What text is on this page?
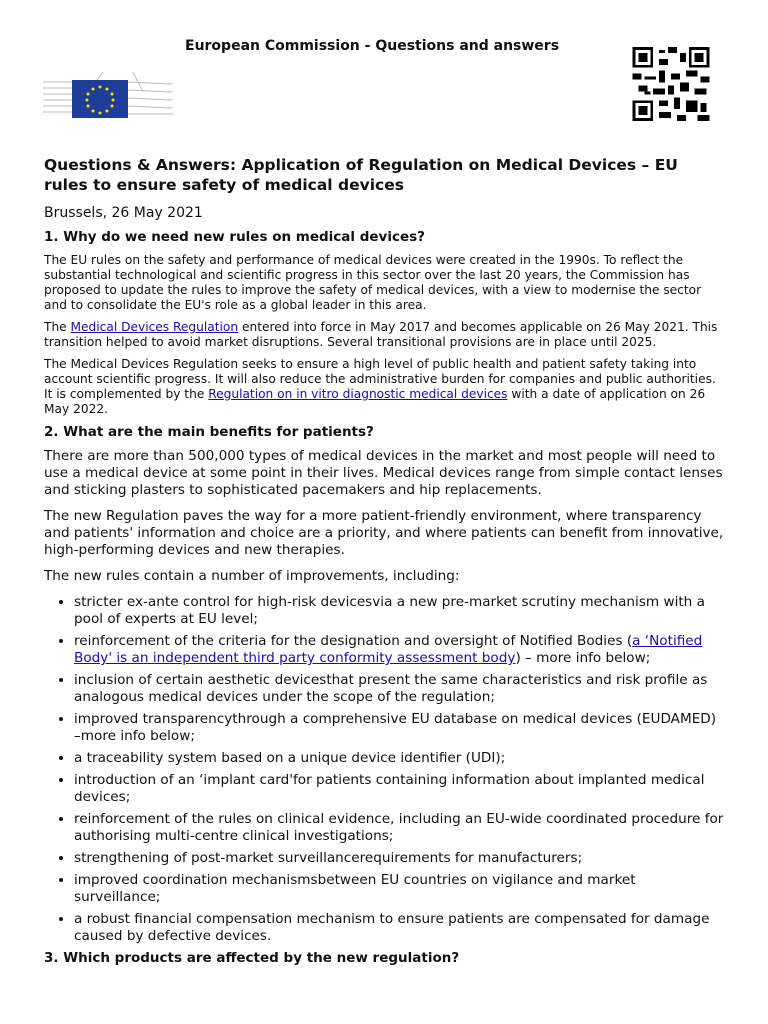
European Commission - Questions and answers
Questions & Answers: Application of Regulation on Medical Devices – EU rules to ensure safety of medical devices
Brussels, 26 May 2021
1. Why do we need new rules on medical devices?

The EU rules on the safety and performance of medical devices were created in the 1990s. To reflect the substantial technological and scientific progress in this sector over the last 20 years, the Commission has proposed to update the rules to improve the safety of medical devices, with a view to modernise the sector and to consolidate the EU's role as a global leader in this area.

The Medical Devices Regulation entered into force in May 2017 and becomes applicable on 26 May 2021. This transition helped to avoid market disruptions. Several transitional provisions are in place until 2025.

The Medical Devices Regulation seeks to ensure a high level of public health and patient safety taking into account scientific progress. It will also reduce the administrative burden for companies and public authorities. It is complemented by the Regulation on in vitro diagnostic medical devices with a date of application on 26 May 2022.

2. What are the main benefits for patients?

There are more than 500,000 types of medical devices in the market and most people will need to use a medical device at some point in their lives. Medical devices range from simple contact lenses and sticking plasters to sophisticated pacemakers and hip replacements.

The new Regulation paves the way for a more patient-friendly environment, where transparency and patients' information and choice are a priority, and where patients can benefit from innovative, high-performing devices and new therapies.

The new rules contain a number of improvements, including:

• stricter ex-ante control for high-risk devicesvia a new pre-market scrutiny mechanism with a pool of experts at EU level;
• reinforcement of the criteria for the designation and oversight of Notified Bodies (a ‘Notified Body' is an independent third party conformity assessment body) – more info below;
• inclusion of certain aesthetic devicesthat present the same characteristics and risk profile as analogous medical devices under the scope of the regulation;
• improved transparencythrough a comprehensive EU database on medical devices (EUDAMED) –more info below;
• a traceability system based on a unique device identifier (UDI);
• introduction of an ‘implant card'for patients containing information about implanted medical devices;
• reinforcement of the rules on clinical evidence, including an EU-wide coordinated procedure for authorising multi-centre clinical investigations;
• strengthening of post-market surveillancerequirements for manufacturers;
• improved coordination mechanismsbetween EU countries on vigilance and market surveillance;
• a robust financial compensation mechanism to ensure patients are compensated for damage caused by defective devices.
3. Which products are affected by the new regulation?
